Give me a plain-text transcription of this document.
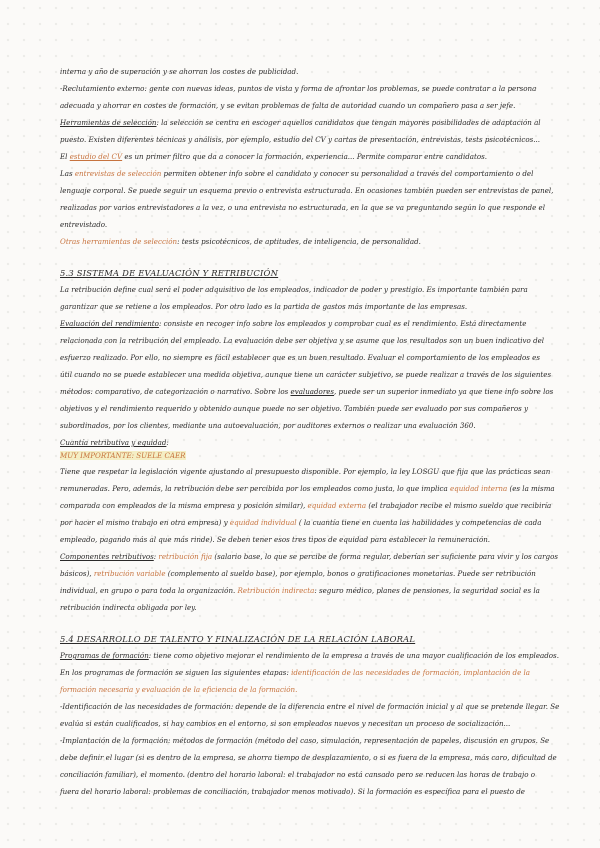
interna y año de superación y se ahorran los costes de publicidad.
-Reclutamiento externo: gente con nuevas ideas, puntos de vista y forma de afrontar los problemas, se puede contratar a la persona
adecuada y ahorrar en costes de formación, y se evitan problemas de falta de autoridad cuando un compañero pasa a ser jefe.
Herramientas de selección: la selección se centra en escoger aquellos candidatos que tengan mayores posibilidades de adaptación al
puesto. Existen diferentes técnicas y análisis, por ejemplo, estudio del CV y cartas de presentación, entrevistas, tests psicotécnicos...
El estudio del CV es un primer filtro que da a conocer la formación, experiencia... Permite comparar entre candidatos.
Las entrevistas de selección permiten obtener info sobre el candidato y conocer su personalidad a través del comportamiento o del
lenguaje corporal. Se puede seguir un esquema previo o entrevista estructurada. En ocasiones también pueden ser entrevistas de panel,
realizadas por varios entrevistadores a la vez, o una entrevista no estructurada, en la que se va preguntando según lo que responde el
entrevistado.
Otras herramientas de selección: tests psicotécnicos, de aptitudes, de inteligencia, de personalidad.
5.3 SISTEMA DE EVALUACIÓN Y RETRIBUCIÓN
La retribución define cual será el poder adquisitivo de los empleados, indicador de poder y prestigio. Es importante también para
garantizar que se retiene a los empleados. Por otro lado es la partida de gastos más importante de las empresas.
Evaluación del rendimiento: consiste en recoger info sobre los empleados y comprobar cual es el rendimiento. Está directamente
relacionada con la retribución del empleado. La evaluación debe ser objetiva y se asume que los resultados son un buen indicativo del
esfuerzo realizado. Por ello, no siempre es fácil establecer que es un buen resultado. Evaluar el comportamiento de los empleados es
útil cuando no se puede establecer una medida objetiva, aunque tiene un carácter subjetivo, se puede realizar a través de los siguientes
métodos: comparativo, de categorización o narrativo. Sobre los evaluadores, puede ser un superior inmediato ya que tiene info sobre los
objetivos y el rendimiento requerido y obtenido aunque puede no ser objetivo. También puede ser evaluado por sus compañeros y
subordinados, por los clientes, mediante una autoevaluación, por auditores externos o realizar una evaluación 360.
Cuantía retributiva y equidad:
MUY IMPORTANTE: SUELE CAER
Tiene que respetar la legislación vigente ajustando al presupuesto disponible. Por ejemplo, la ley LOSGU que fija que las prácticas sean
remuneradas. Pero, además, la retribución debe ser percibida por los empleados como justa, lo que implica equidad interna (es la misma
comparada con empleados de la misma empresa y posición similar), equidad externa (el trabajador recibe el mismo sueldo que recibiría
por hacer el mismo trabajo en otra empresa) y equidad individual ( la cuantía tiene en cuenta las habilidades y competencias de cada
empleado, pagando más al que más rinde). Se deben tener esos tres tipos de equidad para establecer la remuneración.
Componentes retributivos: retribución fija (salario base, lo que se percibe de forma regular, deberían ser suficiente para vivir y los cargos
básicos), retribución variable (complemento al sueldo base), por ejemplo, bonos o gratificaciones monetarias. Puede ser retribución
individual, en grupo o para toda la organización. Retribución indirecta: seguro médico, planes de pensiones, la seguridad social es la
retribución indirecta obligada por ley.
5.4 DESARROLLO DE TALENTO Y FINALIZACIÓN DE LA RELACIÓN LABORAL
Programas de formación: tiene como objetivo mejorar el rendimiento de la empresa a través de una mayor cualificación de los empleados.
En los programas de formación se siguen las siguientes etapas: identificación de las necesidades de formación, implantación de la
formación necesaria y evaluación de la eficiencia de la formación.
-Identificación de las necesidades de formación: depende de la diferencia entre el nivel de formación inicial y al que se pretende llegar. Se
evalúa si están cualificados, si hay cambios en el entorno, si son empleados nuevos y necesitan un proceso de socialización...
-Implantación de la formación: métodos de formación (método del caso, simulación, representación de papeles, discusión en grupos. Se
debe definir el lugar (si es dentro de la empresa, se ahorra tiempo de desplazamiento, o si es fuera de la empresa, más caro, dificultad de
conciliación familiar), el momento. (dentro del horario laboral: el trabajador no está cansado pero se reducen las horas de trabajo o
fuera del horario laboral: problemas de conciliación, trabajador menos motivado). Si la formación es específica para el puesto de
